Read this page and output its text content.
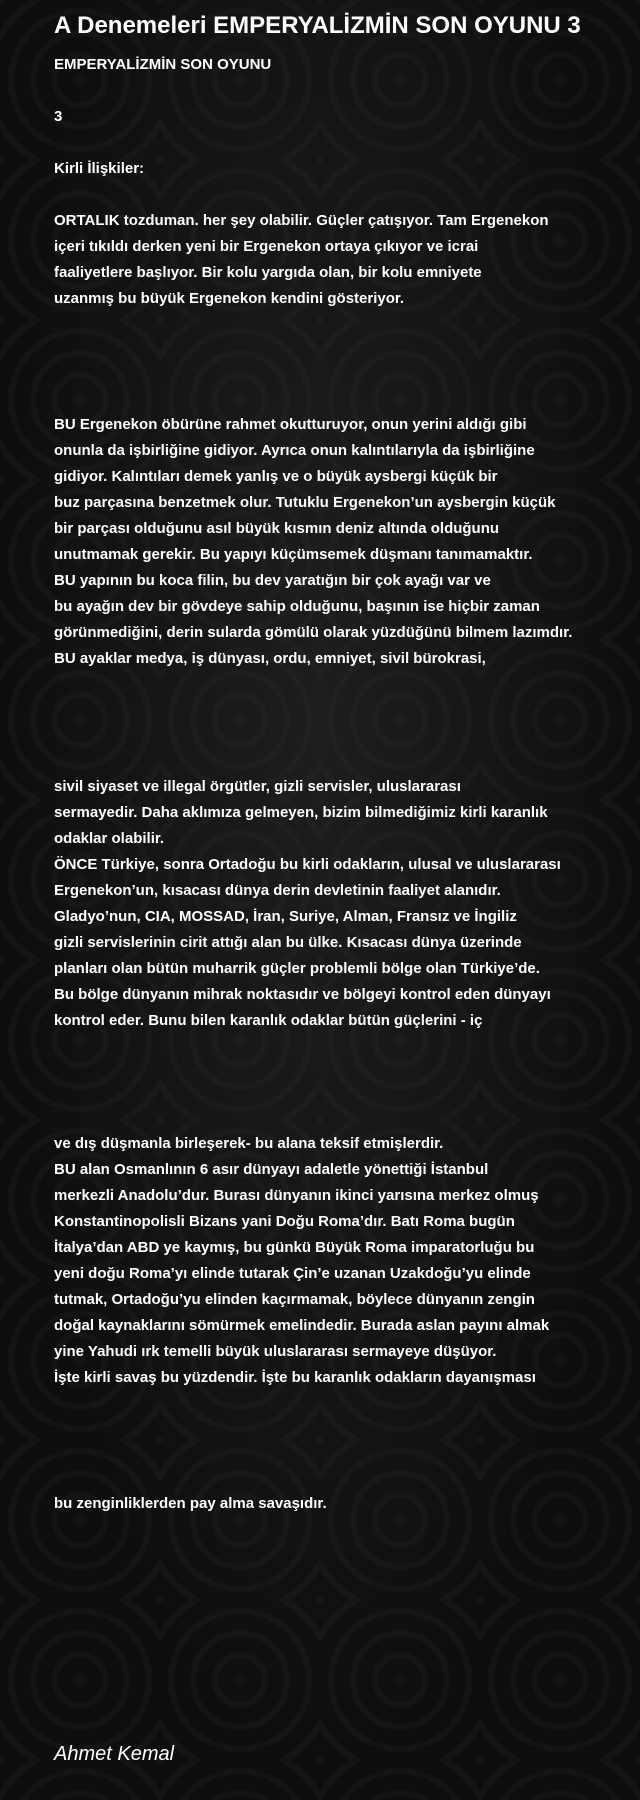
A Denemeleri EMPERYALİZMİN SON OYUNU 3
EMPERYALİZMİN SON OYUNU
3
Kirli İlişkiler:
ORTALIK tozduman. her şey olabilir. Güçler çatışıyor. Tam Ergenekon
içeri tıkıldı derken yeni bir Ergenekon ortaya çıkıyor ve icrai
faaliyetlere başlıyor. Bir kolu yargıda olan, bir kolu emniyete
uzanmış bu büyük Ergenekon kendini gösteriyor.
BU Ergenekon öbürüne rahmet okutturuyor, onun yerini aldığı gibi
onunla da işbirliğine gidiyor. Ayrıca onun kalıntılarıyla da işbirliğine
gidiyor. Kalıntıları demek yanlış ve o büyük aysbergi küçük bir
buz parçasına benzetmek olur. Tutuklu Ergenekon’un aysbergin küçük
bir parçası olduğunu asıl büyük kısmın deniz altında olduğunu
unutmamak gerekir. Bu yapıyı küçümsemek düşmanı tanımamaktır.
BU yapının bu koca filin, bu dev yaratığın bir çok ayağı var ve
bu ayağın dev bir gövdeye sahip olduğunu, başının ise hiçbir zaman
görünmediğini, derin sularda gömülü olarak yüzdüğünü bilmem lazımdır.
BU ayaklar medya, iş dünyası, ordu, emniyet, sivil bürokrasi,
sivil siyaset ve illegal örgütler, gizli servisler, uluslararası
sermayedir. Daha aklımıza gelmeyen, bizim bilmediğimiz kirli karanlık
odaklar olabilir.
ÖNCE Türkiye, sonra Ortadoğu bu kirli odakların, ulusal ve uluslararası
Ergenekon’un, kısacası dünya derin devletinin faaliyet alanıdır.
Gladyo’nun, CIA, MOSSAD, İran, Suriye, Alman, Fransız ve İngiliz
gizli servislerinin cirit attığı alan bu ülke. Kısacası dünya üzerinde
planları olan bütün muharrik güçler problemli bölge olan Türkiye’de.
Bu bölge dünyanın mihrak noktasıdır ve bölgeyi kontrol eden dünyayı
kontrol eder. Bunu bilen karanlık odaklar bütün güçlerini - iç
ve dış düşmanla birleşerek- bu alana teksif etmişlerdir.
BU alan Osmanlının 6 asır dünyayı adaletle yönettiği İstanbul
merkezli Anadolu’dur. Burası dünyanın ikinci yarısına merkez olmuş
Konstantinopolisli Bizans yani Doğu Roma’dır. Batı Roma bugün
İtalya’dan ABD ye kaymış, bu günkü Büyük Roma imparatorluğu bu
yeni doğu Roma’yı elinde tutarak Çin’e uzanan Uzakdoğu’yu elinde
tutmak, Ortadoğu’yu elinden kaçırmamak, böylece dünyanın zengin
doğal kaynaklarını sömürmek emelindedir. Burada aslan payını almak
yine Yahudi ırk temelli büyük uluslararası sermayeye düşüyor.
İşte kirli savaş bu yüzdendir. İşte bu karanlık odakların dayanışması
bu zenginliklerden pay alma savaşıdır.
Ahmet Kemal
